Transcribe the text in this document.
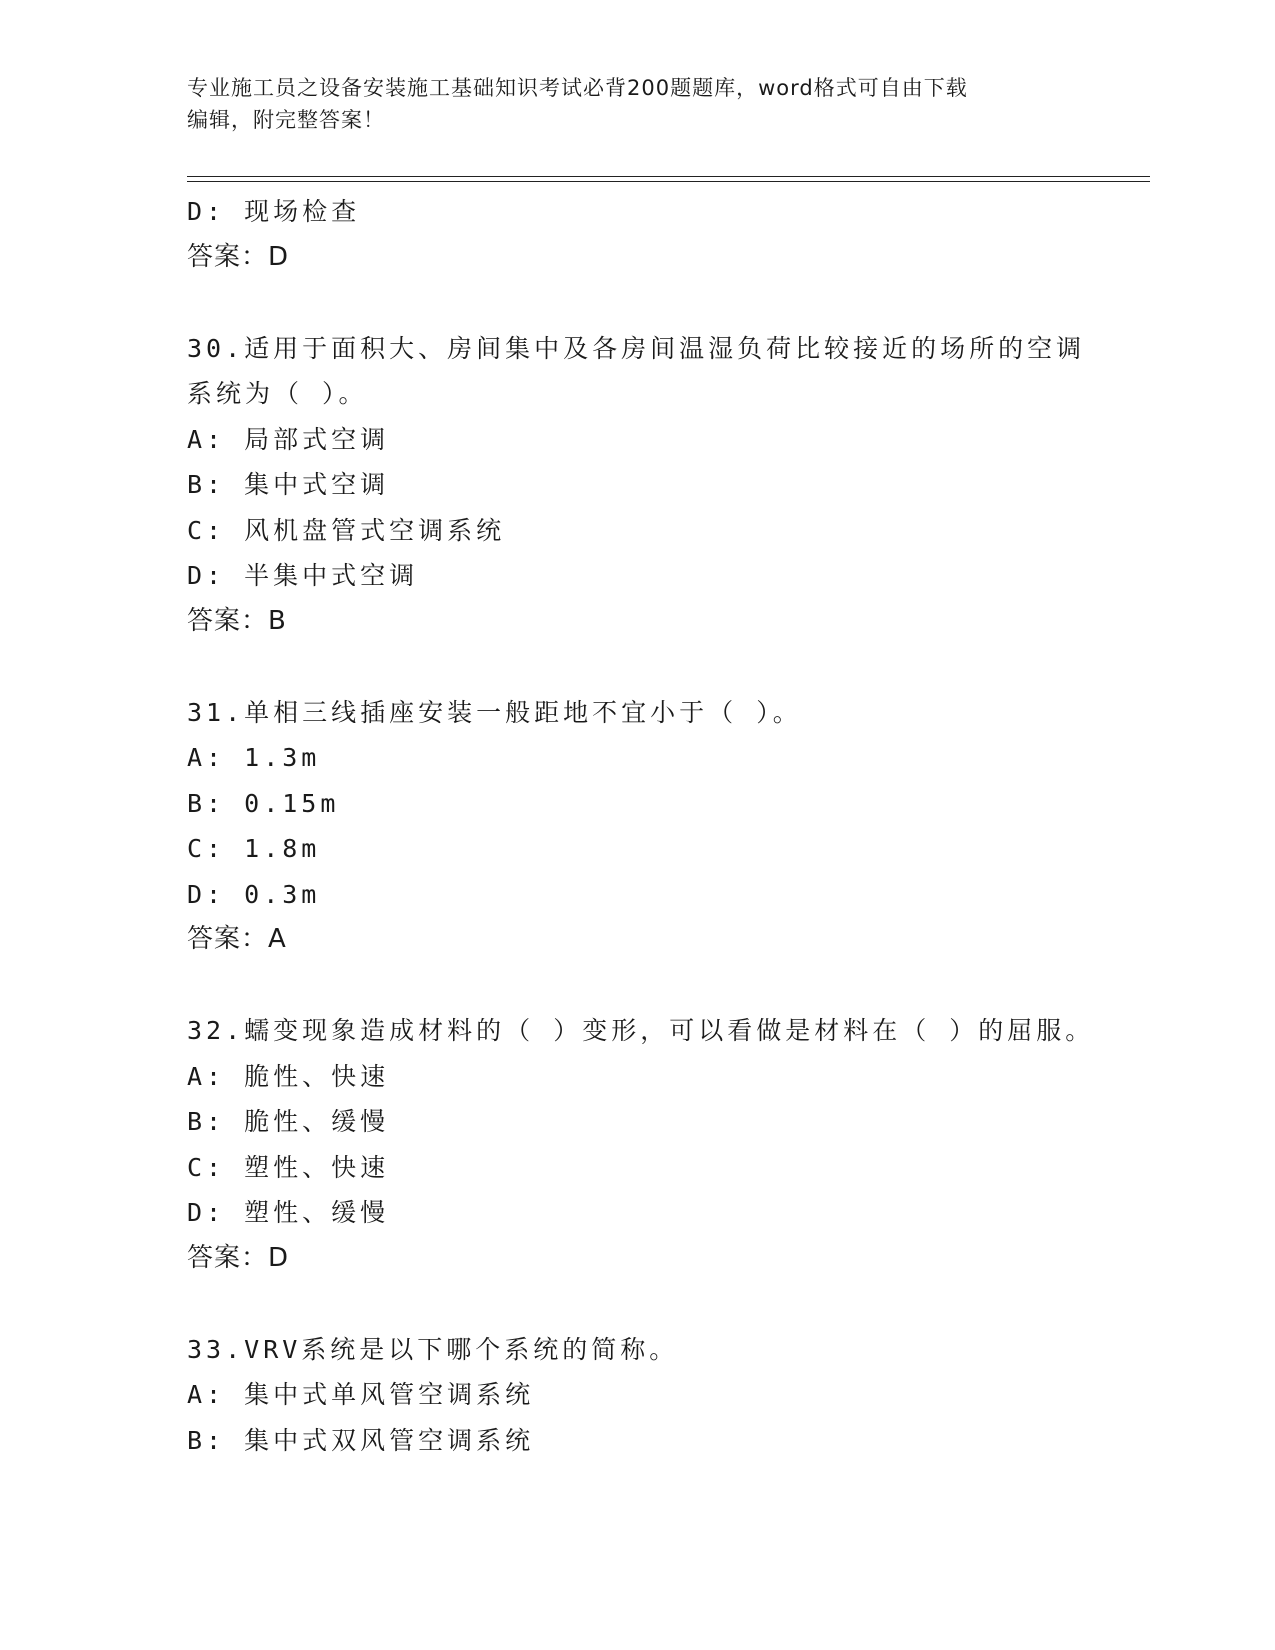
专业施工员之设备安装施工基础知识考试必背200题题库，word格式可自由下载
编辑，附完整答案！
D: 现场检查
答案：D
30.适用于面积大、房间集中及各房间温湿负荷比较接近的场所的空调
系统为（ ）。
A: 局部式空调
B: 集中式空调
C: 风机盘管式空调系统
D: 半集中式空调
答案：B
31.单相三线插座安装一般距地不宜小于（ ）。
A: 1.3m
B: 0.15m
C: 1.8m
D: 0.3m
答案：A
32.蠕变现象造成材料的（ ）变形，可以看做是材料在（ ）的屈服。
A: 脆性、快速
B: 脆性、缓慢
C: 塑性、快速
D: 塑性、缓慢
答案：D
33.VRV系统是以下哪个系统的简称。
A: 集中式单风管空调系统
B: 集中式双风管空调系统
